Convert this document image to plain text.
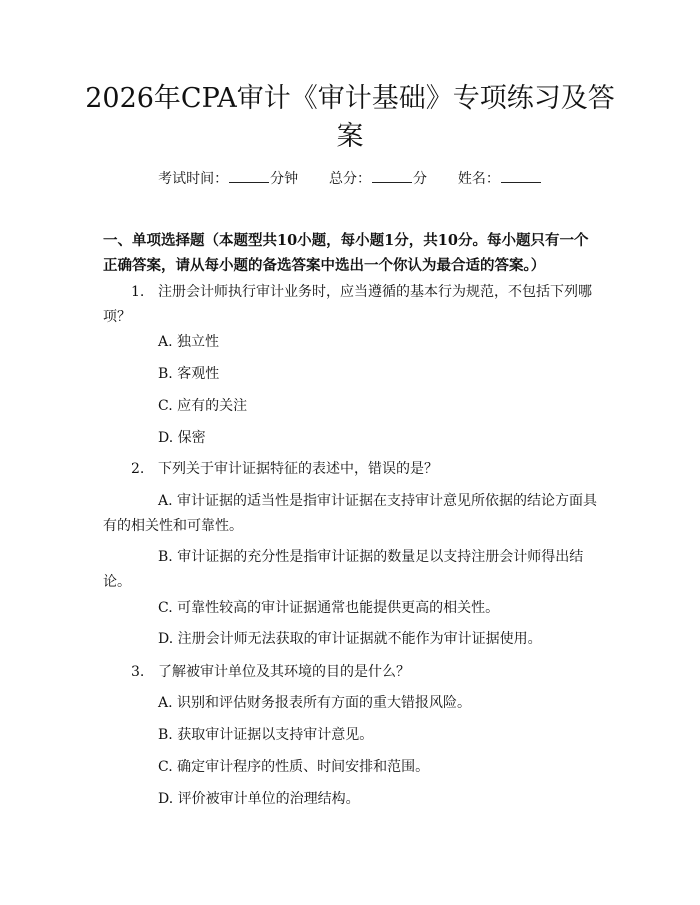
2026年CPA审计《审计基础》专项练习及答案
考试时间：	分钟 总分：	分 姓名：

一、单项选择题（本题型共10小题，每小题1分，共10分。每小题只有一个正确答案，请从每小题的备选答案中选出一个你认为最合适的答案。）

1. 注册会计师执行审计业务时，应当遵循的基本行为规范，不包括下列哪项？
A. 独立性
B. 客观性
C. 应有的关注
D. 保密
2. 下列关于审计证据特征的表述中，错误的是？
A. 审计证据的适当性是指审计证据在支持审计意见所依据的结论方面具有的相关性和可靠性。
B. 审计证据的充分性是指审计证据的数量足以支持注册会计师得出结论。
C. 可靠性较高的审计证据通常也能提供更高的相关性。
D. 注册会计师无法获取的审计证据就不能作为审计证据使用。
3. 了解被审计单位及其环境的目的是什么？
A. 识别和评估财务报表所有方面的重大错报风险。
B. 获取审计证据以支持审计意见。
C. 确定审计程序的性质、时间安排和范围。
D. 评价被审计单位的治理结构。
